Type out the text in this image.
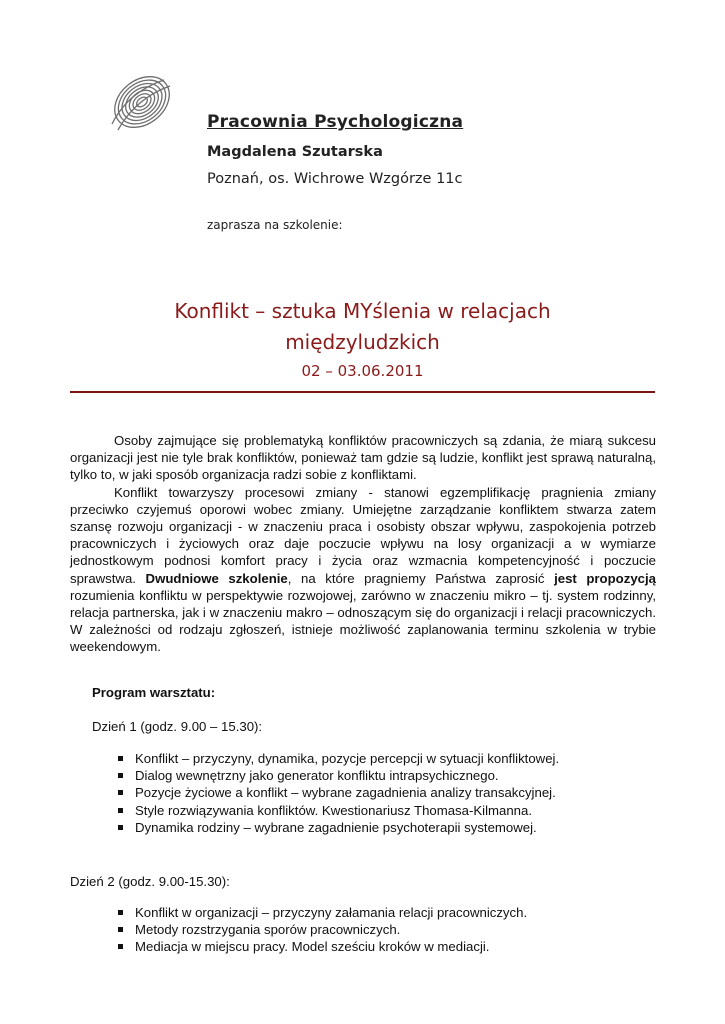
Pracownia Psychologiczna

Magdalena Szutarska

Poznań, os. Wichrowe Wzgórze 11c

zaprasza na szkolenie:

Konflikt – sztuka MYślenia w relacjach

międzyludzkich

02 – 03.06.2011

Osoby zajmujące się problematyką konfliktów pracowniczych są zdania, że miarą sukcesu organizacji jest nie tyle brak konfliktów, ponieważ tam gdzie są ludzie, konflikt jest sprawą naturalną, tylko to, w jaki sposób organizacja radzi sobie z konfliktami.

Konflikt towarzyszy procesowi zmiany - stanowi egzemplifikację pragnienia zmiany przeciwko czyjemuś oporowi wobec zmiany. Umiejętne zarządzanie konfliktem stwarza zatem szansę rozwoju organizacji - w znaczeniu praca i osobisty obszar wpływu, zaspokojenia potrzeb pracowniczych i życiowych oraz daje poczucie wpływu na losy organizacji a w wymiarze jednostkowym podnosi komfort pracy i życia oraz wzmacnia kompetencyjność i poczucie sprawstwa. Dwudniowe szkolenie, na które pragniemy Państwa zaprosić jest propozycją rozumienia konfliktu w perspektywie rozwojowej, zarówno w znaczeniu mikro – tj. system rodzinny, relacja partnerska, jak i w znaczeniu makro – odnoszącym się do organizacji i relacji pracowniczych. W zależności od rodzaju zgłoszeń, istnieje możliwość zaplanowania terminu szkolenia w trybie weekendowym.

Program warsztatu:
Dzień 1 (godz. 9.00 – 15.30):
Konflikt – przyczyny, dynamika, pozycje percepcji w sytuacji konfliktowej.
Dialog wewnętrzny jako generator konfliktu intrapsychicznego.
Pozycje życiowe a konflikt – wybrane zagadnienia analizy transakcyjnej.
Style rozwiązywania konfliktów. Kwestionariusz Thomasa-Kilmanna.
Dynamika rodziny – wybrane zagadnienie psychoterapii systemowej.
Dzień 2 (godz. 9.00-15.30):
Konflikt w organizacji – przyczyny załamania relacji pracowniczych.
Metody rozstrzygania sporów pracowniczych.
Mediacja w miejscu pracy. Model sześciu kroków w mediacji.
